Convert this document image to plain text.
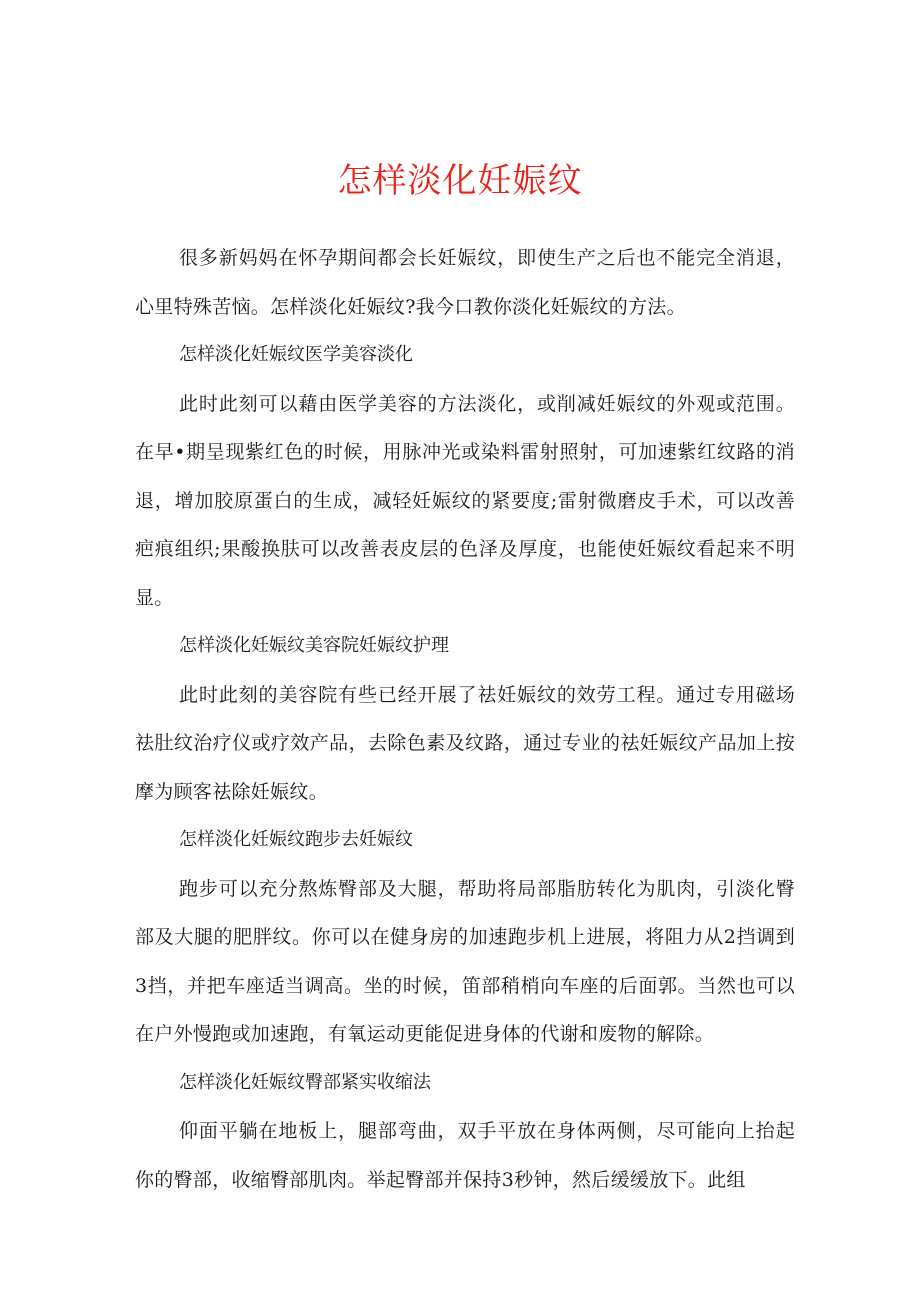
怎样淡化妊娠纹

很多新妈妈在怀孕期间都会长妊娠纹，即使生产之后也不能完全消退，心里特殊苦恼。怎样淡化妊娠纹?我今口教你淡化妊娠纹的方法。

怎样淡化妊娠纹医学美容淡化

此时此刻可以藉由医学美容的方法淡化，或削减妊娠纹的外观或范围。在早•期呈现紫红色的时候，用脉冲光或染料雷射照射，可加速紫红纹路的消退，增加胶原蛋白的生成，减轻妊娠纹的紧要度;雷射微磨皮手术，可以改善疤痕组织;果酸换肤可以改善表皮层的色泽及厚度，也能使妊娠纹看起来不明显。

怎样淡化妊娠纹美容院妊娠纹护理

此时此刻的美容院有些已经开展了祛妊娠纹的效劳工程。通过专用磁场祛肚纹治疗仪或疗效产品，去除色素及纹路，通过专业的祛妊娠纹产品加上按摩为顾客祛除妊娠纹。

怎样淡化妊娠纹跑步去妊娠纹

跑步可以充分熬炼臀部及大腿，帮助将局部脂肪转化为肌肉，引淡化臀部及大腿的肥胖纹。你可以在健身房的加速跑步机上进展，将阻力从2挡调到3挡，并把车座适当调高。坐的时候，笛部稍梢向车座的后面郭。当然也可以在户外慢跑或加速跑，有氧运动更能促进身体的代谢和废物的解除。

怎样淡化妊娠纹臀部紧实收缩法

仰面平躺在地板上，腿部弯曲，双手平放在身体两侧，尽可能向上抬起你的臀部，收缩臀部肌肉。举起臀部并保持3秒钟，然后缓缓放下。此组
